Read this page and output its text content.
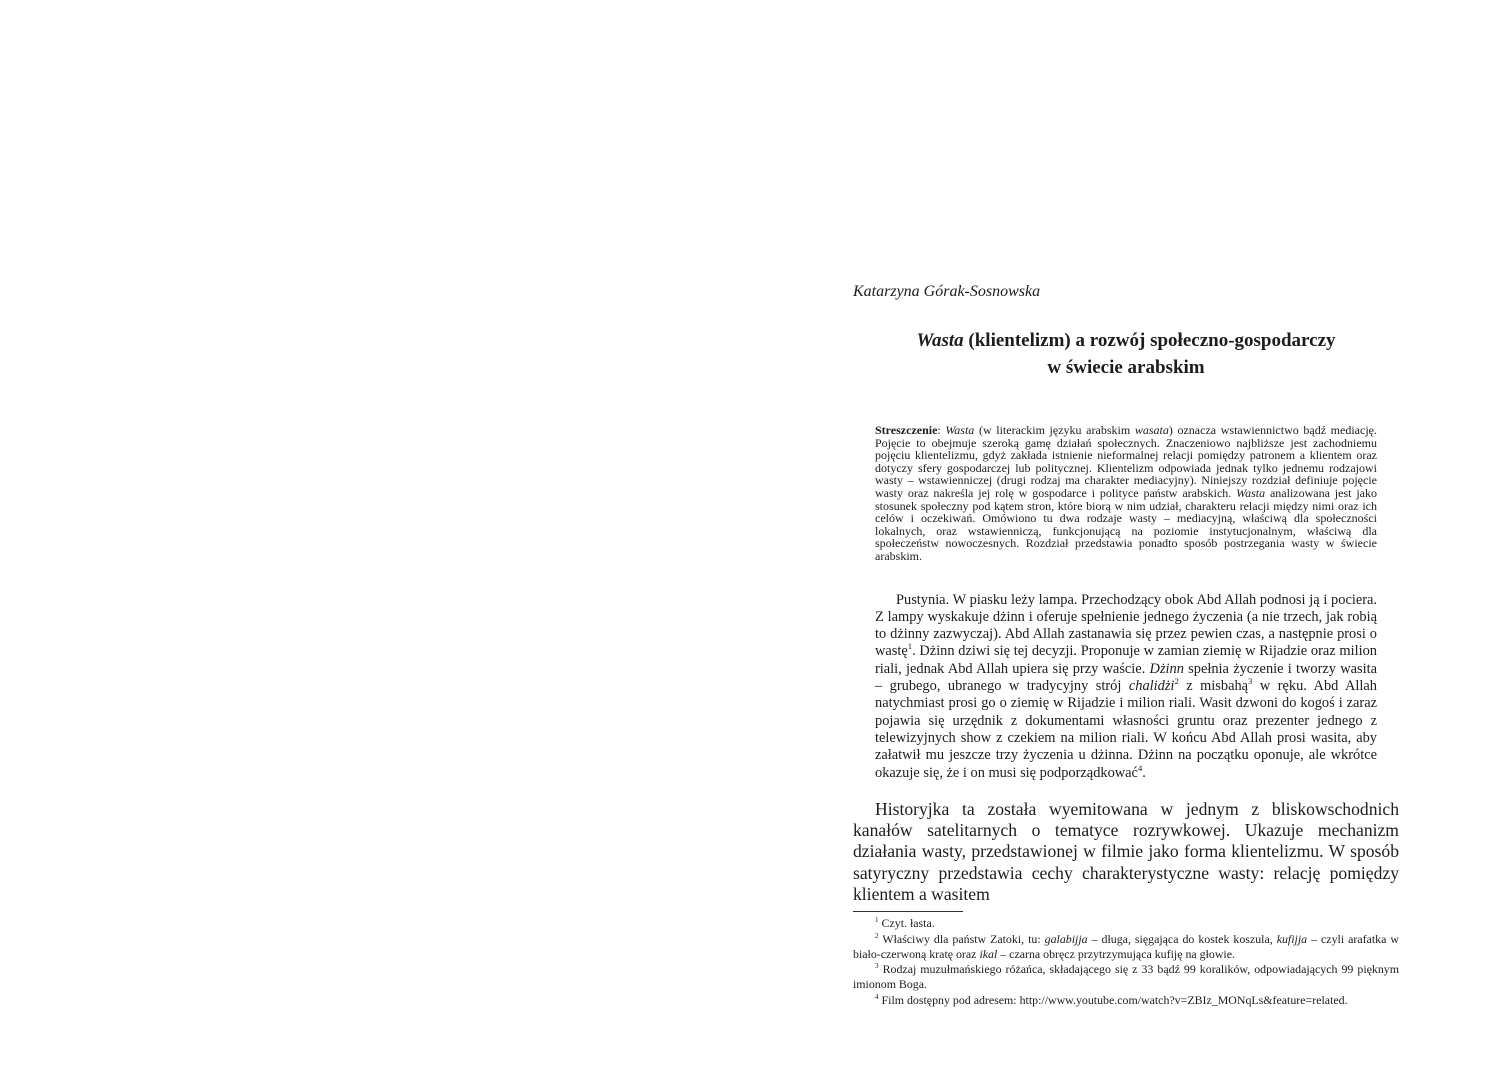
Katarzyna Górak-Sosnowska

Wasta (klientelizm) a rozwój społeczno-gospodarczy
w świecie arabskim

Streszczenie: Wasta (w literackim języku arabskim wasata) oznacza wstawiennictwo bądź mediację. Pojęcie to obejmuje szeroką gamę działań społecznych. Znaczeniowo najbliższe jest zachodniemu pojęciu klientelizmu, gdyż zakłada istnienie nieformalnej relacji pomiędzy patronem a klientem oraz dotyczy sfery gospodarczej lub politycznej. Klientelizm odpowiada jednak tylko jednemu rodzajowi wasty – wstawienniczej (drugi rodzaj ma charakter mediacyjny). Niniejszy rozdział definiuje pojęcie wasty oraz nakreśla jej rolę w gospodarce i polityce państw arabskich. Wasta analizowana jest jako stosunek społeczny pod kątem stron, które biorą w nim udział, charakteru relacji między nimi oraz ich celów i oczekiwań. Omówiono tu dwa rodzaje wasty – mediacyjną, właściwą dla społeczności lokalnych, oraz wstawienniczą, funkcjonującą na poziomie instytucjonalnym, właściwą dla społeczeństw nowoczesnych. Rozdział przedstawia ponadto sposób postrzegania wasty w świecie arabskim.

Pustynia. W piasku leży lampa. Przechodzący obok Abd Allah podnosi ją i pociera. Z lampy wyskakuje dżinn i oferuje spełnienie jednego życzenia (a nie trzech, jak robią to dżinny zazwyczaj). Abd Allah zastanawia się przez pewien czas, a następnie prosi o wastę$^1$. Dżinn dziwi się tej decyzji. Proponuje w zamian ziemię w Rijadzie oraz milion riali, jednak Abd Allah upiera się przy waście. Dżinn spełnia życzenie i tworzy wasita – grubego, ubranego w tradycyjny strój chalidżi$^2$ z misbahą$^3$ w ręku. Abd Allah natychmiast prosi go o ziemię w Rijadzie i milion riali. Wasit dzwoni do kogoś i zaraz pojawia się urzędnik z dokumentami własności gruntu oraz prezenter jednego z telewizyjnych show z czekiem na milion riali. W końcu Abd Allah prosi wasita, aby załatwił mu jeszcze trzy życzenia u dżinna. Dżinn na początku oponuje, ale wkrótce okazuje się, że i on musi się podporządkować$^4$.

Historyjka ta została wyemitowana w jednym z bliskowschodnich kanałów satelitarnych o tematyce rozrywkowej. Ukazuje mechanizm działania wasty, przedstawionej w filmie jako forma klientelizmu. W sposób satyryczny przedstawia cechy charakterystyczne wasty: relację pomiędzy klientem a wasitem

$^1$ Czyt. łasta.

$^2$ Właściwy dla państw Zatoki, tu: galabijja – długa, sięgająca do kostek koszula, kufijja – czyli arafatka w biało-czerwoną kratę oraz ikal – czarna obręcz przytrzymująca kufiję na głowie.

$^3$ Rodzaj muzułmańskiego różańca, składającego się z 33 bądź 99 koralików, odpowiadających 99 pięknym imionom Boga.

$^4$ Film dostępny pod adresem: http://www.youtube.com/watch?v=ZBIz_MONqLs&feature=related.
